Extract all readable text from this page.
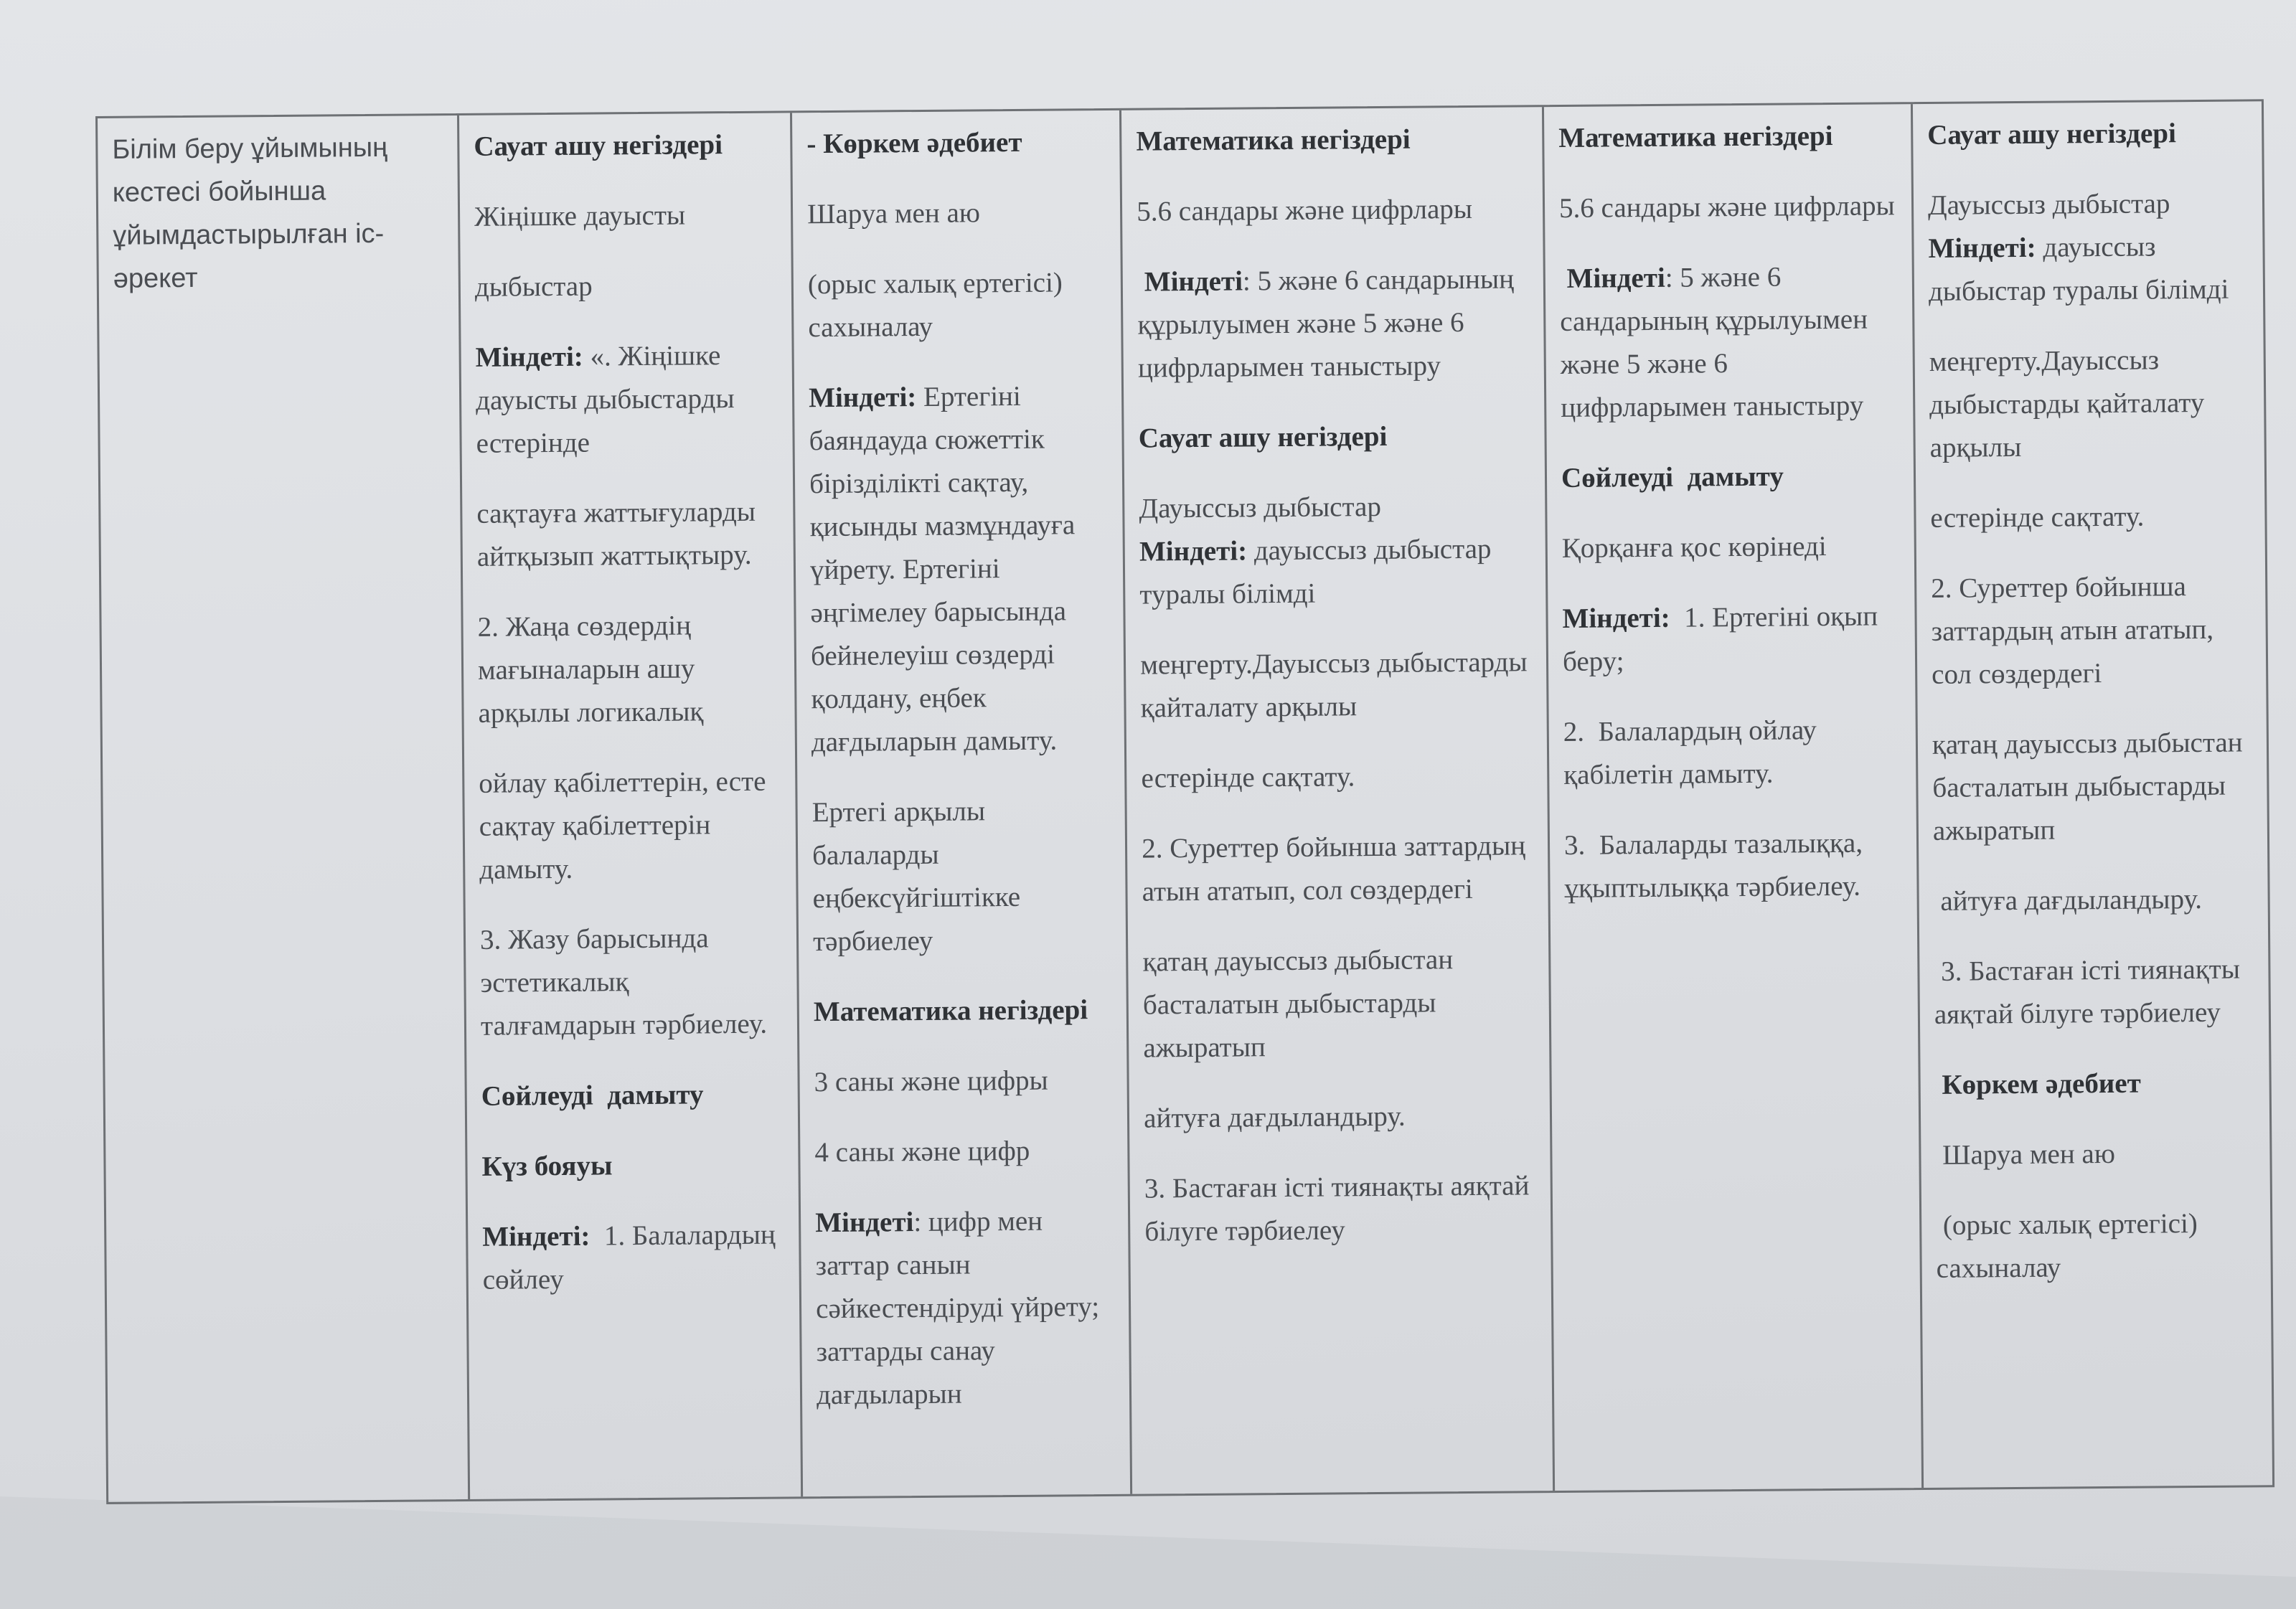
Білім беру ұйымының кестесі бойынша ұйымдастырылған іс-әрекет
Сауат ашу негіздері
Жіңішке дауысты
дыбыстар
Міндеті: «. Жіңішке дауысты дыбыстарды естерінде
сақтауға жаттығуларды айтқызып жаттықтыру.
2. Жаңа сөздердің мағыналарын ашу арқылы логикалық
ойлау қабілеттерін, есте сақтау қабілеттерін дамыту.
3. Жазу барысында эстетикалық талғамдарын тәрбиелеу.
Сөйлеуді  дамыту
Күз бояуы
Міндеті:  1. Балалардың сөйлеу
- Көркем әдебиет
Шаруа мен аю
(орыс халық ертегісі) сахыналау
Міндеті: Ертегіні баяндауда сюжеттік бірізділікті сақтау, қисынды мазмұндауға үйрету. Ертегіні әңгімелеу барысында бейнелеуіш сөздерді қолдану, еңбек дағдыларын дамыту.
Ертегі арқылы балаларды еңбексүйгіштікке тәрбиелеу
Математика негіздері
3 саны және цифры
4 саны және цифр
Міндеті: цифр мен заттар санын сәйкестендіруді үйрету; заттарды санау дағдыларын
Математика негіздері
5.6 сандары және цифрлары
Міндеті: 5 және 6 сандарының құрылуымен және 5 және 6 цифрларымен таныстыру
Сауат ашу негіздері
Дауыссыз дыбыстар
Міндеті: дауыссыз дыбыстар туралы білімді
меңгерту.Дауыссыз дыбыстарды қайталату арқылы
естерінде сақтату.
2. Суреттер бойынша заттардың атын ататып, сол сөздердегі
қатаң дауыссыз дыбыстан басталатын дыбыстарды ажыратып
айтуға дағдыландыру.
3. Бастаған істі тиянақты аяқтай білуге тәрбиелеу
Математика негіздері
5.6 сандары және цифрлары
Міндеті: 5 және 6 сандарының құрылуымен және 5 және 6 цифрларымен таныстыру
Сөйлеуді  дамыту
Қорқанға қос көрінеді
Міндеті:  1. Ертегіні оқып беру;
2.  Балалардың ойлау қабілетін дамыту.
3.  Балаларды тазалыққа, ұқыптылыққа тәрбиелеу.
Сауат ашу негіздері
Дауыссыз дыбыстар
Міндеті: дауыссыз дыбыстар туралы білімді
меңгерту.Дауыссыз дыбыстарды қайталату арқылы
естерінде сақтату.
2. Суреттер бойынша заттардың атын ататып, сол сөздердегі
қатаң дауыссыз дыбыстан басталатын дыбыстарды ажыратып
айтуға дағдыландыру.
3. Бастаған істі тиянақты аяқтай білуге тәрбиелеу
Көркем әдебиет
Шаруа мен аю
(орыс халық ертегісі) сахыналау
